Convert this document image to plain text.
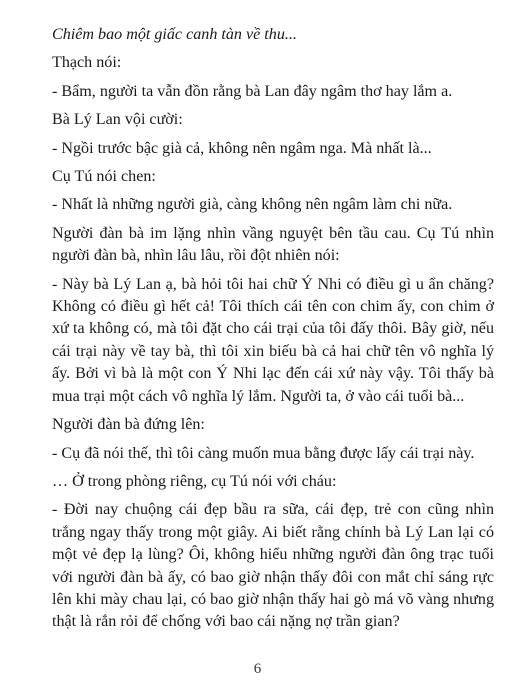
Chiêm bao một giấc canh tàn về thu...

Thạch nói:

- Bẩm, người ta vẫn đồn rằng bà Lan đây ngâm thơ hay lắm a.

Bà Lý Lan vội cười:

- Ngồi trước bậc già cả, không nên ngâm nga. Mà nhất là...

Cụ Tú nói chen:

- Nhất là những người già, càng không nên ngâm làm chi nữa.

Người đàn bà im lặng nhìn vầng nguyệt bên tầu cau. Cụ Tú nhìn người đàn bà, nhìn lâu lâu, rồi đột nhiên nói:

- Này bà Lý Lan ạ, bà hỏi tôi hai chữ Ý Nhi có điều gì u ẩn chăng? Không có điều gì hết cả! Tôi thích cái tên con chim ấy, con chim ở xứ ta không có, mà tôi đặt cho cái trại của tôi đấy thôi. Bây giờ, nếu cái trại này về tay bà, thì tôi xin biếu bà cả hai chữ tên vô nghĩa lý ấy. Bởi vì bà là một con Ý Nhi lạc đến cái xứ này vậy. Tôi thấy bà mua trại một cách vô nghĩa lý lắm. Người ta, ở vào cái tuổi bà...

Người đàn bà đứng lên:

- Cụ đã nói thế, thì tôi càng muốn mua bằng được lấy cái trại này.

… Ở trong phòng riêng, cụ Tú nói với cháu:

- Đời nay chuộng cái đẹp bầu ra sữa, cái đẹp, trẻ con cũng nhìn trắng ngay thấy trong một giây. Ai biết rằng chính bà Lý Lan lại có một vẻ đẹp lạ lùng? Ôi, không hiểu những người đàn ông trạc tuổi với người đàn bà ấy, có bao giờ nhận thấy đôi con mắt chỉ sáng rực lên khi mày chau lại, có bao giờ nhận thấy hai gò má võ vàng nhưng thật là rắn rỏi để chống với bao cái nặng nợ trần gian?

6
